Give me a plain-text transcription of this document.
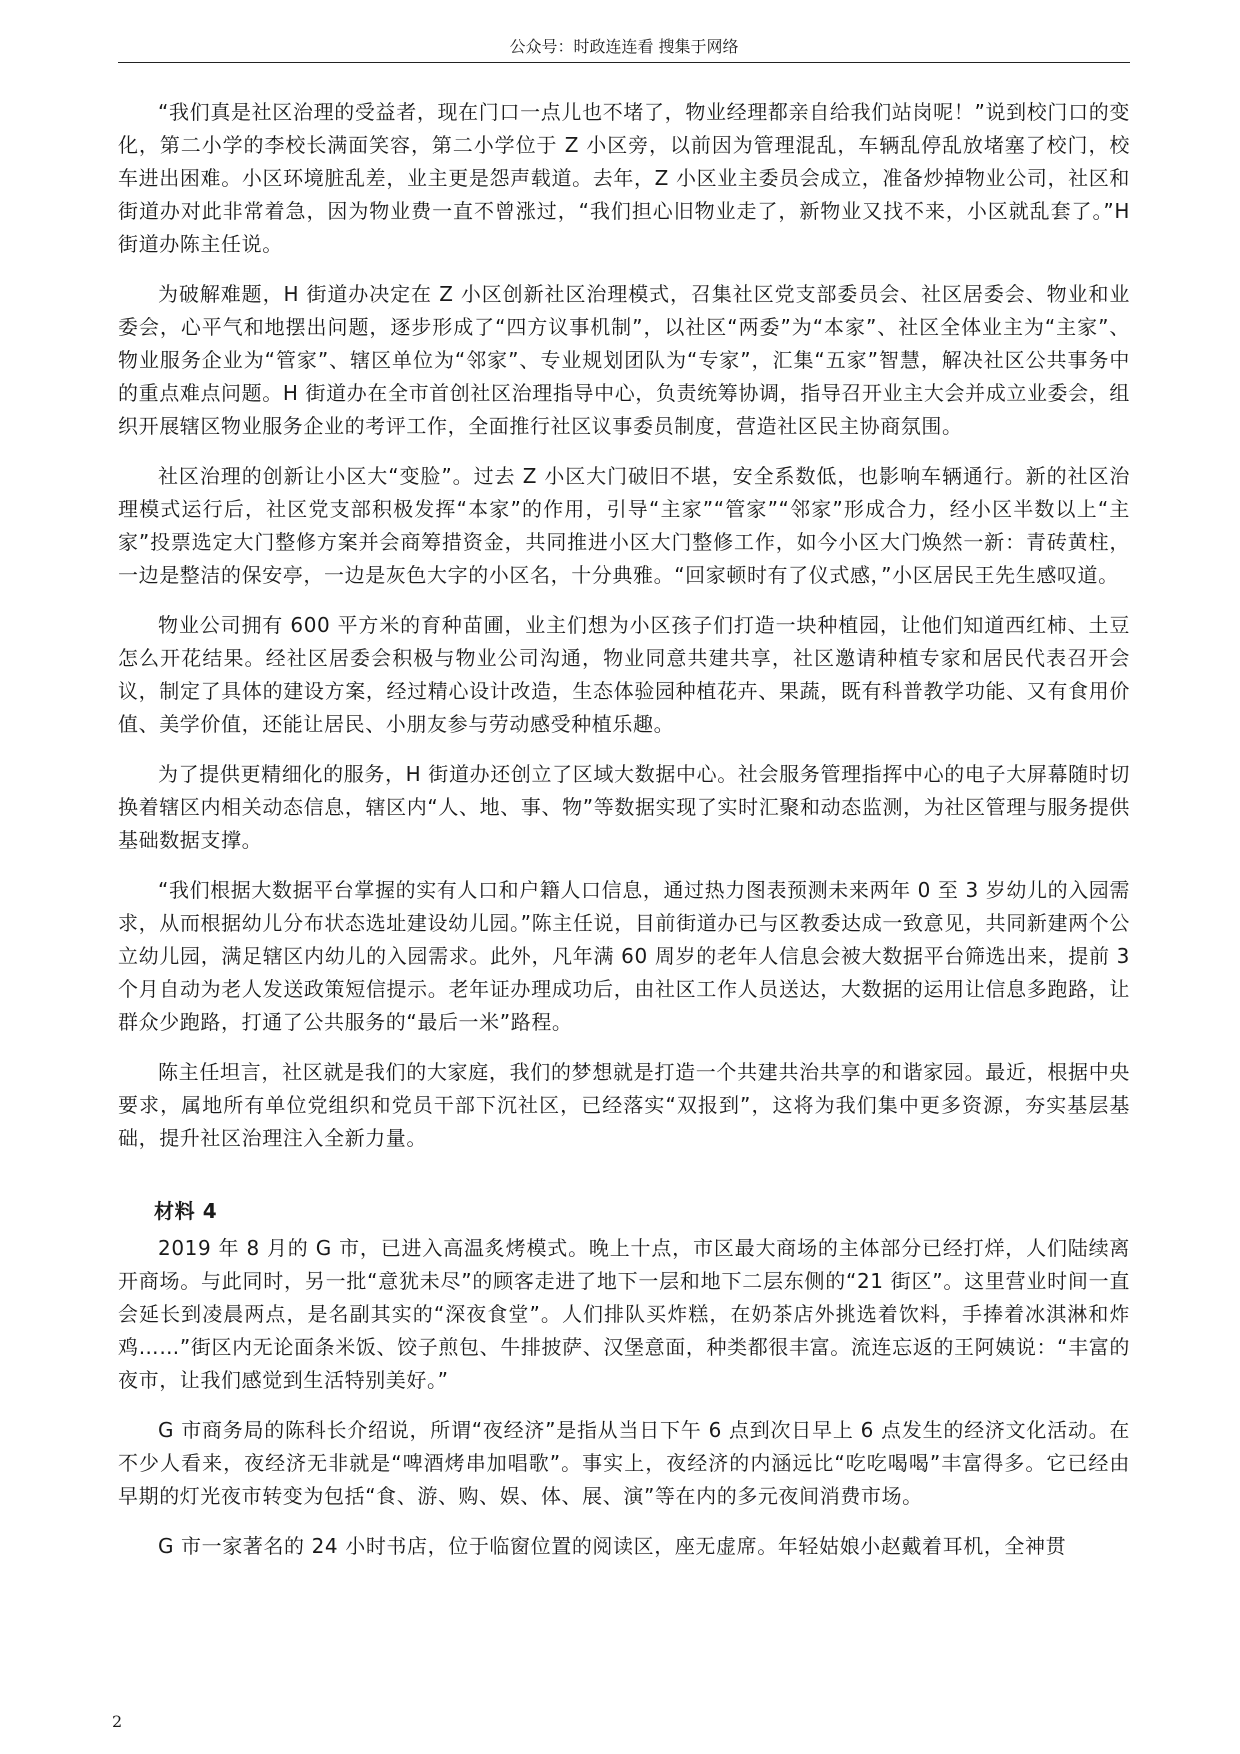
公众号：时政连连看 搜集于网络

“我们真是社区治理的受益者，现在门口一点儿也不堵了，物业经理都亲自给我们站岗呢！”说到校门口的变化，第二小学的李校长满面笑容，第二小学位于 Z 小区旁，以前因为管理混乱，车辆乱停乱放堵塞了校门，校车进出困难。小区环境脏乱差，业主更是怨声载道。去年，Z 小区业主委员会成立，准备炒掉物业公司，社区和街道办对此非常着急，因为物业费一直不曾涨过，“我们担心旧物业走了，新物业又找不来，小区就乱套了。”H 街道办陈主任说。

为破解难题，H 街道办决定在 Z 小区创新社区治理模式，召集社区党支部委员会、社区居委会、物业和业委会，心平气和地摆出问题，逐步形成了“四方议事机制”，以社区“两委”为“本家”、社区全体业主为“主家”、物业服务企业为“管家”、辖区单位为“邻家”、专业规划团队为“专家”，汇集“五家”智慧，解决社区公共事务中的重点难点问题。H 街道办在全市首创社区治理指导中心，负责统筹协调，指导召开业主大会并成立业委会，组织开展辖区物业服务企业的考评工作，全面推行社区议事委员制度，营造社区民主协商氛围。

社区治理的创新让小区大“变脸”。过去 Z 小区大门破旧不堪，安全系数低，也影响车辆通行。新的社区治理模式运行后，社区党支部积极发挥“本家”的作用，引导“主家”“管家”“邻家”形成合力，经小区半数以上“主家”投票选定大门整修方案并会商筹措资金，共同推进小区大门整修工作，如今小区大门焕然一新：青砖黄柱，一边是整洁的保安亭，一边是灰色大字的小区名，十分典雅。“回家顿时有了仪式感，”小区居民王先生感叹道。

物业公司拥有 600 平方米的育种苗圃，业主们想为小区孩子们打造一块种植园，让他们知道西红柿、土豆怎么开花结果。经社区居委会积极与物业公司沟通，物业同意共建共享，社区邀请种植专家和居民代表召开会议，制定了具体的建设方案，经过精心设计改造，生态体验园种植花卉、果蔬，既有科普教学功能、又有食用价值、美学价值，还能让居民、小朋友参与劳动感受种植乐趣。

为了提供更精细化的服务，H 街道办还创立了区域大数据中心。社会服务管理指挥中心的电子大屏幕随时切换着辖区内相关动态信息，辖区内“人、地、事、物”等数据实现了实时汇聚和动态监测，为社区管理与服务提供基础数据支撑。

“我们根据大数据平台掌握的实有人口和户籍人口信息，通过热力图表预测未来两年 0 至 3 岁幼儿的入园需求，从而根据幼儿分布状态选址建设幼儿园。”陈主任说，目前街道办已与区教委达成一致意见，共同新建两个公立幼儿园，满足辖区内幼儿的入园需求。此外，凡年满 60 周岁的老年人信息会被大数据平台筛选出来，提前 3 个月自动为老人发送政策短信提示。老年证办理成功后，由社区工作人员送达，大数据的运用让信息多跑路，让群众少跑路，打通了公共服务的“最后一米”路程。

陈主任坦言，社区就是我们的大家庭，我们的梦想就是打造一个共建共治共享的和谐家园。最近，根据中央要求，属地所有单位党组织和党员干部下沉社区，已经落实“双报到”，这将为我们集中更多资源，夯实基层基础，提升社区治理注入全新力量。

材料 4

2019 年 8 月的 G 市，已进入高温炙烤模式。晚上十点，市区最大商场的主体部分已经打烊，人们陆续离开商场。与此同时，另一批“意犹未尽”的顾客走进了地下一层和地下二层东侧的“21 街区”。这里营业时间一直会延长到凌晨两点，是名副其实的“深夜食堂”。人们排队买炸糕，在奶茶店外挑选着饮料，手捧着冰淇淋和炸鸡……”街区内无论面条米饭、饺子煎包、牛排披萨、汉堡意面，种类都很丰富。流连忘返的王阿姨说：“丰富的夜市，让我们感觉到生活特别美好。”

G 市商务局的陈科长介绍说，所谓“夜经济”是指从当日下午 6 点到次日早上 6 点发生的经济文化活动。在不少人看来，夜经济无非就是“啤酒烤串加唱歌”。事实上，夜经济的内涵远比“吃吃喝喝”丰富得多。它已经由早期的灯光夜市转变为包括“食、游、购、娱、体、展、演”等在内的多元夜间消费市场。

G 市一家著名的 24 小时书店，位于临窗位置的阅读区，座无虚席。年轻姑娘小赵戴着耳机，全神贯

2
